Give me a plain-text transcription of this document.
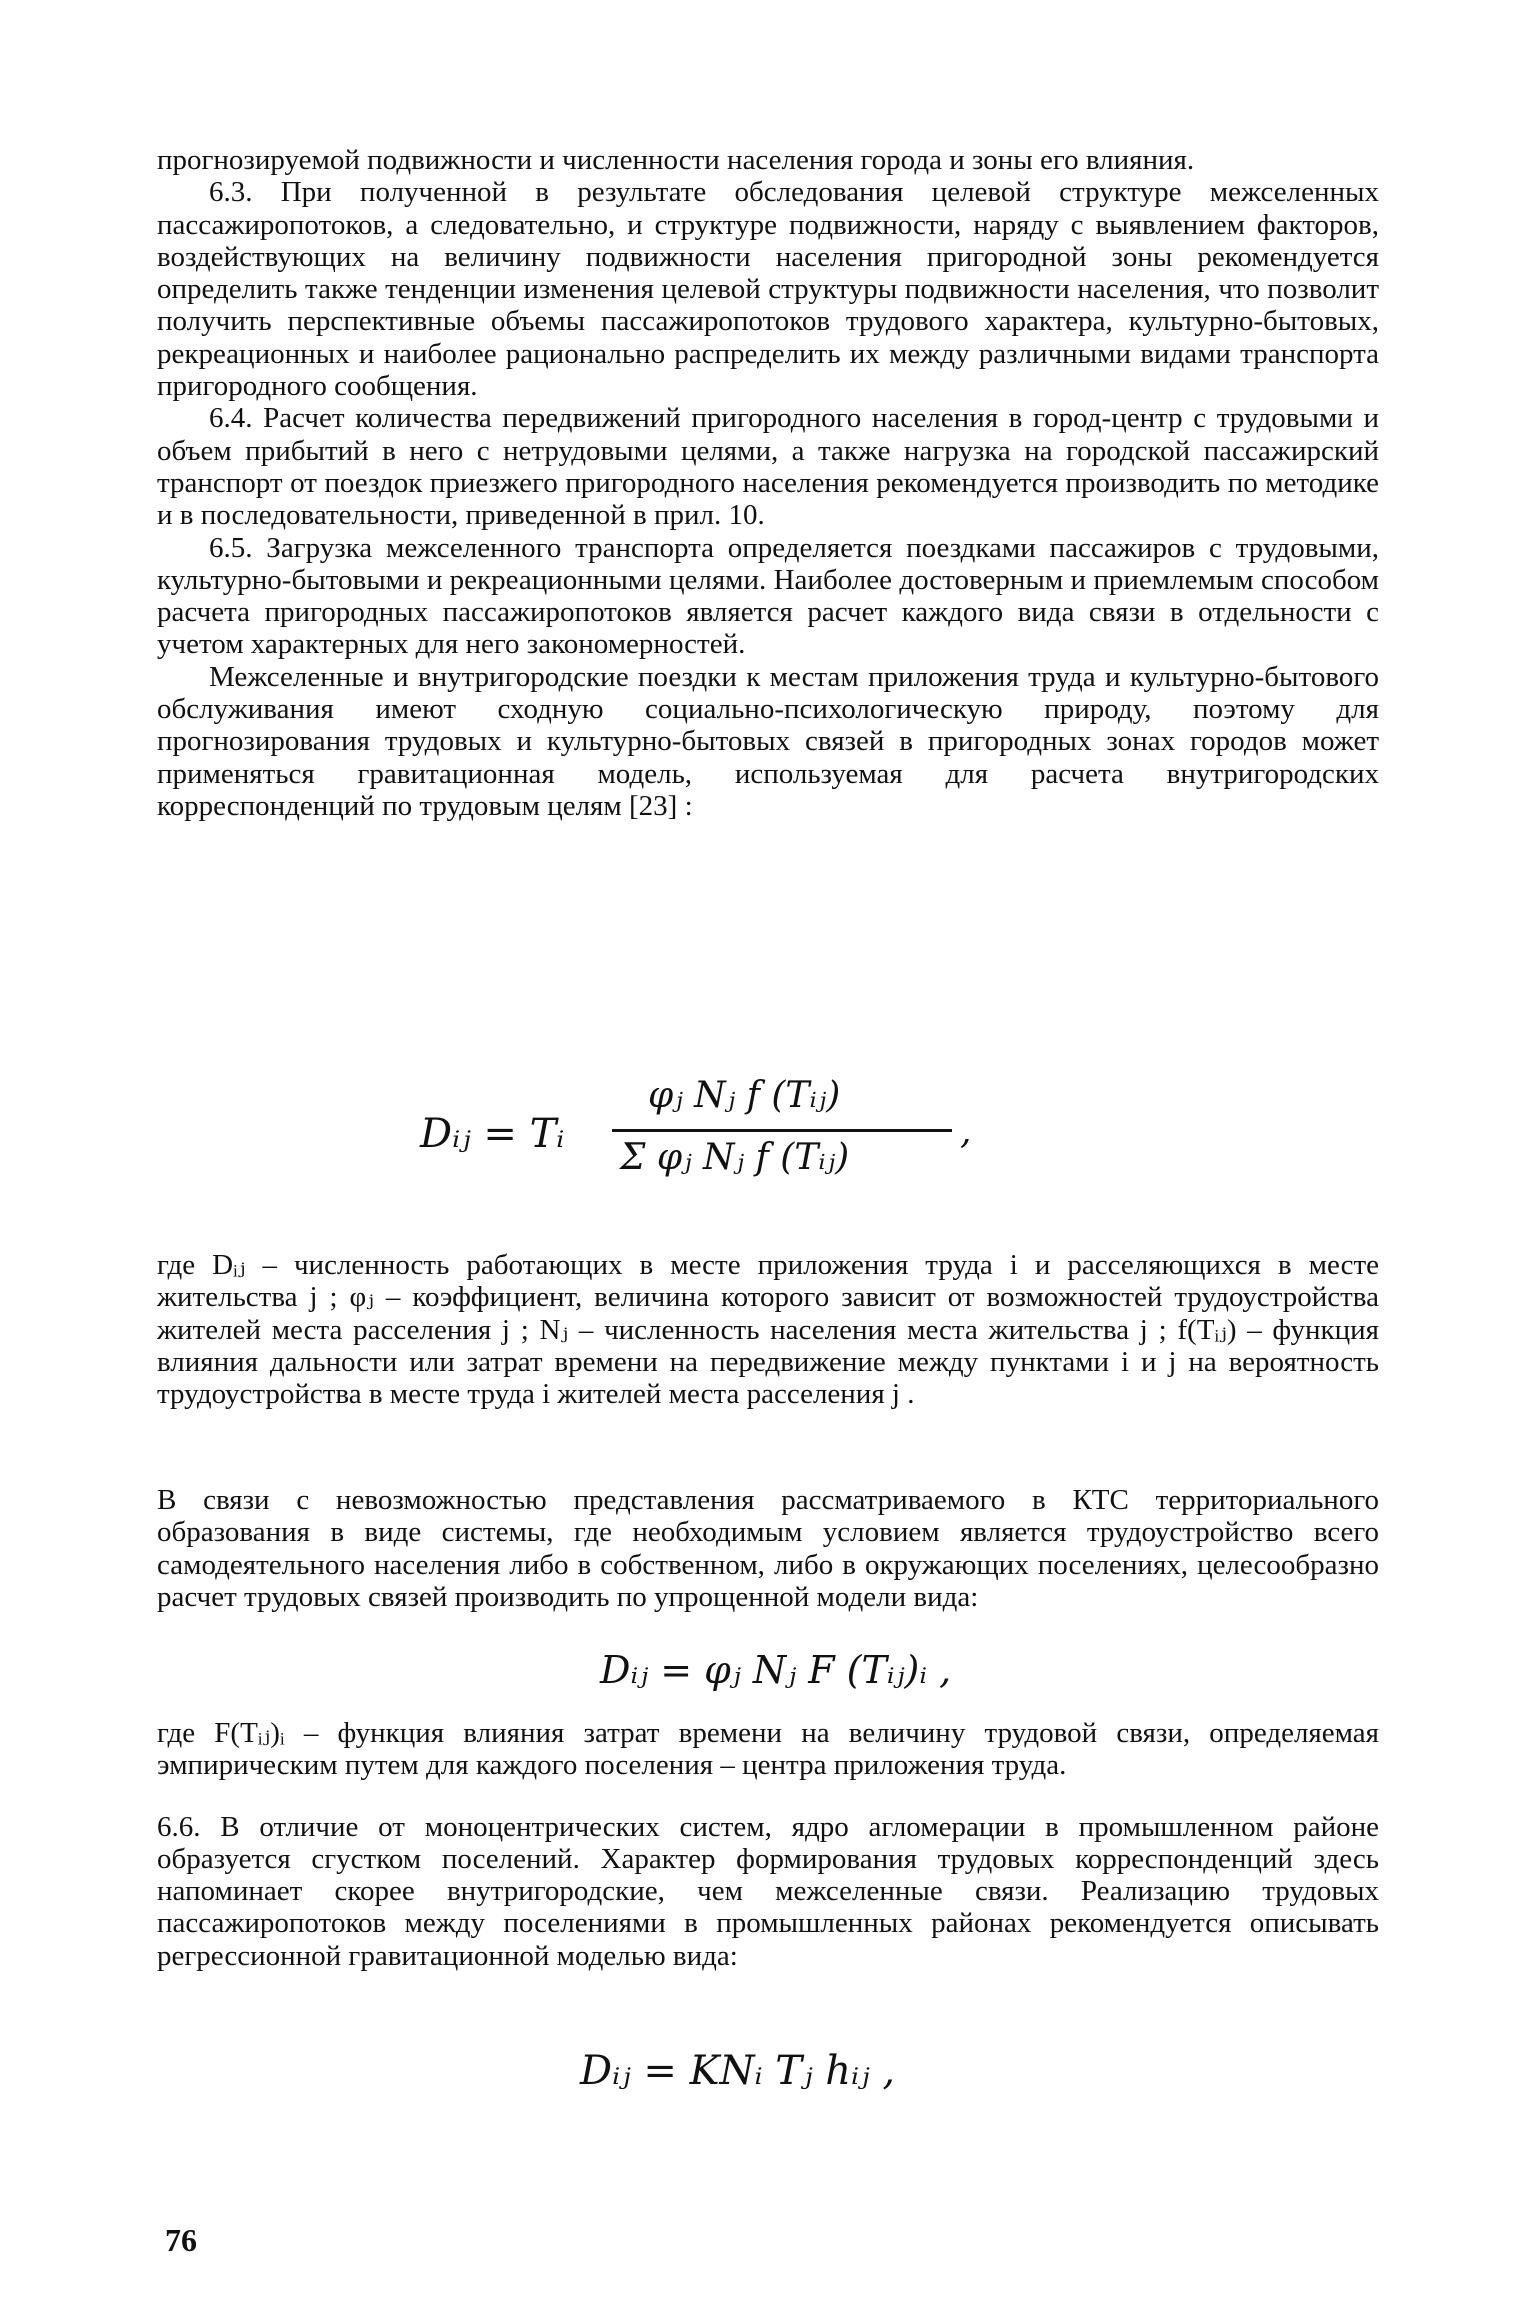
прогнозируемой подвижности и численности населения города и зоны его влияния.

6.3. При полученной в результате обследования целевой структуре межселенных пассажиропотоков, а следовательно, и структуре подвижности, наряду с выявлением факторов, воздействующих на величину подвижности населения пригородной зоны рекомендуется определить также тенденции изменения целевой структуры подвижности населения, что позволит получить перспективные объемы пассажиропотоков трудового характера, культурно-бытовых, рекреационных и наиболее рационально распределить их между различными видами транспорта пригородного сообщения.

6.4. Расчет количества передвижений пригородного населения в город-центр с трудовыми и объем прибытий в него с нетрудовыми целями, а также нагрузка на городской пассажирский транспорт от поездок приезжего пригородного населения рекомендуется производить по методике и в последовательности, приведенной в прил. 10.

6.5. Загрузка межселенного транспорта определяется поездками пассажиров с трудовыми, культурно-бытовыми и рекреационными целями. Наиболее достоверным и приемлемым способом расчета пригородных пассажиропотоков является расчет каждого вида связи в отдельности с учетом характерных для него закономерностей.

Межселенные и внутригородские поездки к местам приложения труда и культурно-бытового обслуживания имеют сходную социально-психологическую природу, поэтому для прогнозирования трудовых и культурно-бытовых связей в пригородных зонах городов может применяться гравитационная модель, используемая для расчета внутригородских корреспонденций по трудовым целям [23] :

Dᵢⱼ = Tᵢ
φⱼ Nⱼ f (Tᵢⱼ)
Σ φⱼ Nⱼ f (Tᵢⱼ)
,

где Dᵢⱼ – численность работающих в месте приложения труда i и расселяющихся в месте жительства j ; φⱼ – коэффициент, величина которого зависит от возможностей трудоустройства жителей места расселения j ; Nⱼ – численность населения места жительства j ; f(Tᵢⱼ) – функция влияния дальности или затрат времени на передвижение между пунктами i и j на вероятность трудоустройства в месте труда i жителей места расселения j .

В связи с невозможностью представления рассматриваемого в КТС территориального образования в виде системы, где необходимым условием является трудоустройство всего самодеятельного населения либо в собственном, либо в окружающих поселениях, целесообразно расчет трудовых связей производить по упрощенной модели вида:

Dᵢⱼ = φⱼ Nⱼ F (Tᵢⱼ)ᵢ ,

где F(Tᵢⱼ)ᵢ – функция влияния затрат времени на величину трудовой связи, определяемая эмпирическим путем для каждого поселения – центра приложения труда.

6.6. В отличие от моноцентрических систем, ядро агломерации в промышленном районе образуется сгустком поселений. Характер формирования трудовых корреспонденций здесь напоминает скорее внутригородские, чем межселенные связи. Реализацию трудовых пассажиропотоков между поселениями в промышленных районах рекомендуется описывать регрессионной гравитационной моделью вида:

Dᵢⱼ = KNᵢ Tⱼ hᵢⱼ ,
76
